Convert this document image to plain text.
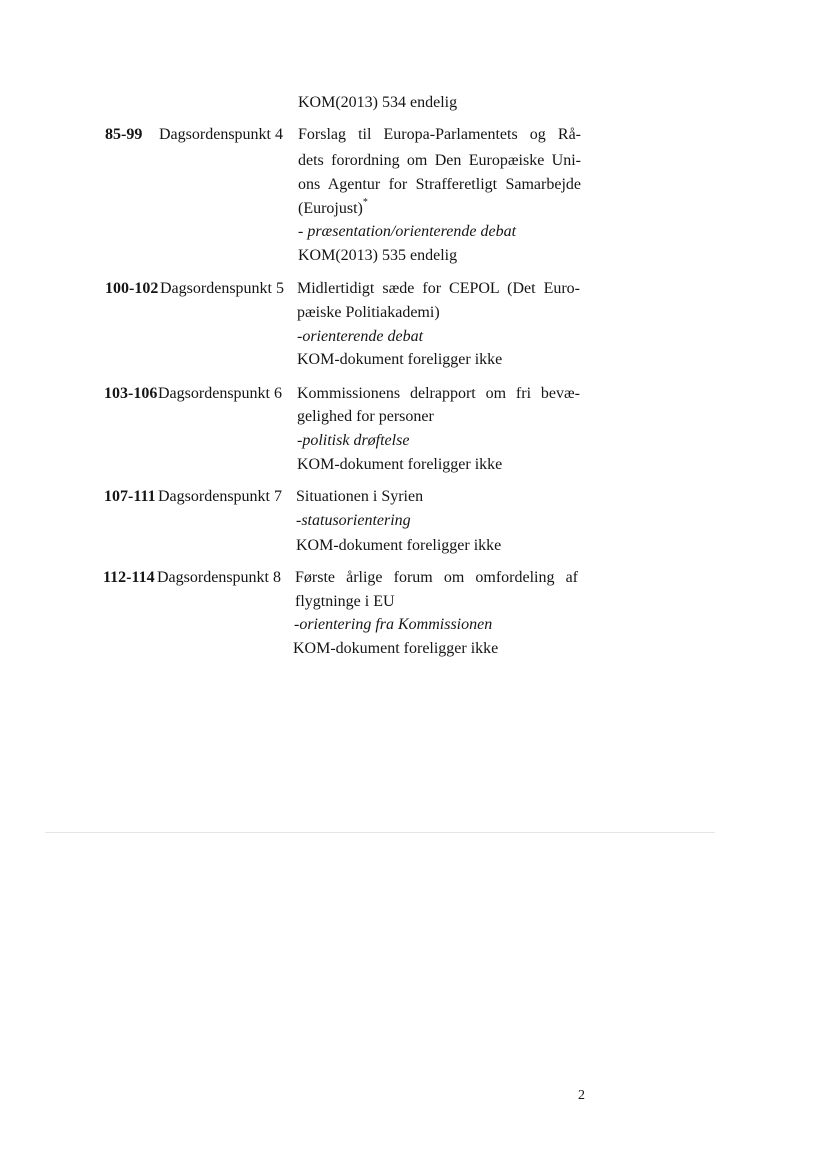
KOM(2013) 534 endelig
85-99 Dagsordenspunkt 4 Forslag til Europa-Parlamentets og Rå-
dets forordning om Den Europæiske Uni-
ons Agentur for Strafferetligt Samarbejde
(Eurojust)*
- præsentation/orienterende debat
KOM(2013) 535 endelig
100-102 Dagsordenspunkt 5 Midlertidigt sæde for CEPOL (Det Euro-
pæiske Politiakademi)
-orienterende debat
KOM-dokument foreligger ikke
103-106 Dagsordenspunkt 6 Kommissionens delrapport om fri bevæ-
gelighed for personer
-politisk drøftelse
KOM-dokument foreligger ikke
107-111 Dagsordenspunkt 7 Situationen i Syrien
-statusorientering
KOM-dokument foreligger ikke
112-114 Dagsordenspunkt 8 Første årlige forum om omfordeling af
flygtninge i EU
-orientering fra Kommissionen
KOM-dokument foreligger ikke
2
